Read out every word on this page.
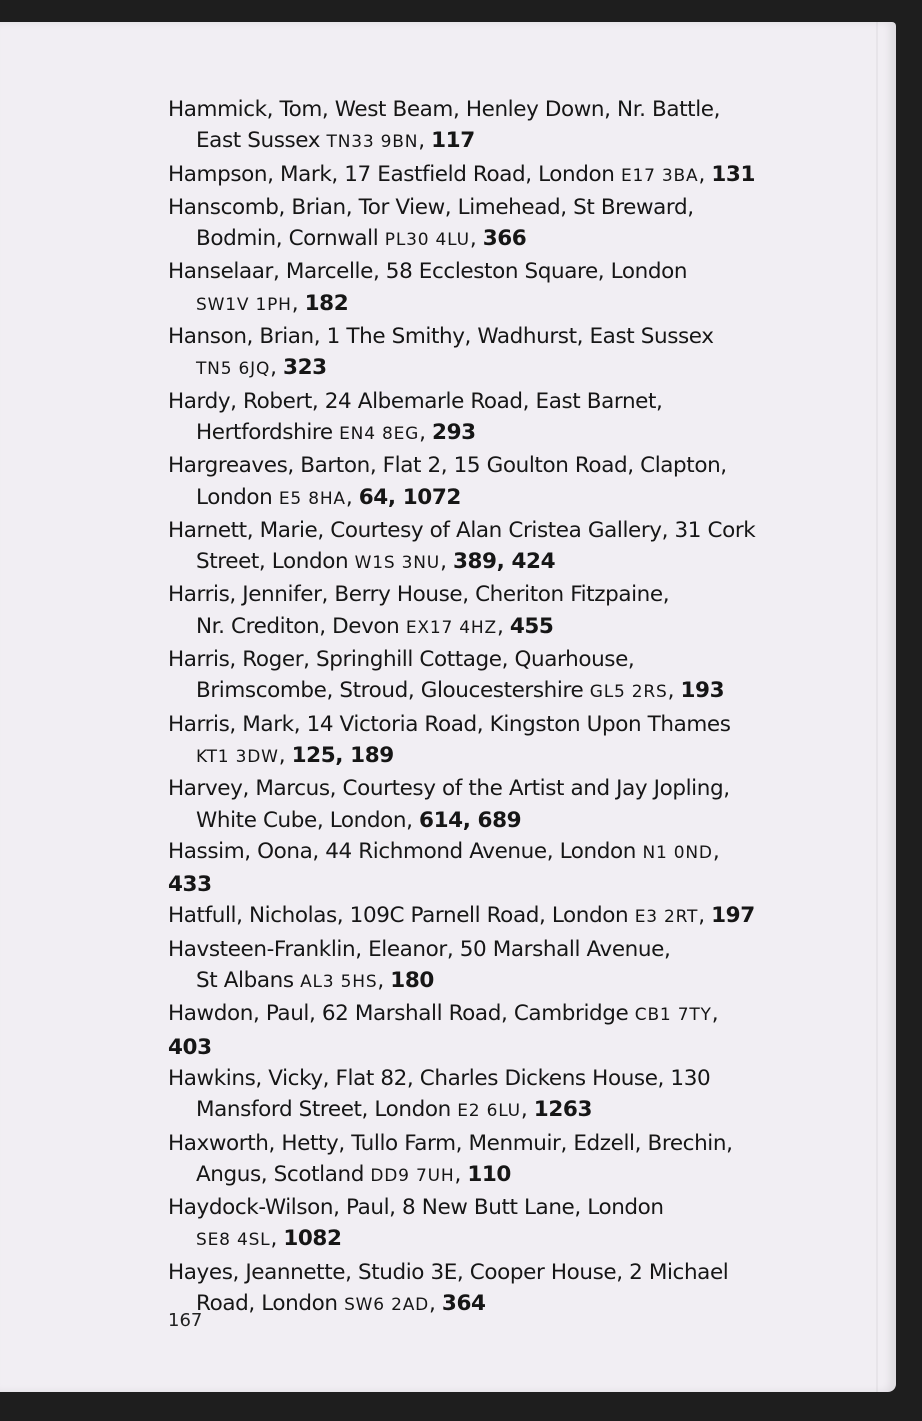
Hammick, Tom, West Beam, Henley Down, Nr. Battle,
East Sussex TN33 9BN, 117

Hampson, Mark, 17 Eastfield Road, London E17 3BA, 131

Hanscomb, Brian, Tor View, Limehead, St Breward,
Bodmin, Cornwall PL30 4LU, 366

Hanselaar, Marcelle, 58 Eccleston Square, London
SW1V 1PH, 182

Hanson, Brian, 1 The Smithy, Wadhurst, East Sussex
TN5 6JQ, 323

Hardy, Robert, 24 Albemarle Road, East Barnet,
Hertfordshire EN4 8EG, 293

Hargreaves, Barton, Flat 2, 15 Goulton Road, Clapton,
London E5 8HA, 64, 1072

Harnett, Marie, Courtesy of Alan Cristea Gallery, 31 Cork
Street, London W1S 3NU, 389, 424

Harris, Jennifer, Berry House, Cheriton Fitzpaine,
Nr. Crediton, Devon EX17 4HZ, 455

Harris, Roger, Springhill Cottage, Quarhouse,
Brimscombe, Stroud, Gloucestershire GL5 2RS, 193

Harris, Mark, 14 Victoria Road, Kingston Upon Thames
KT1 3DW, 125, 189

Harvey, Marcus, Courtesy of the Artist and Jay Jopling,
White Cube, London, 614, 689

Hassim, Oona, 44 Richmond Avenue, London N1 0ND,
433

Hatfull, Nicholas, 109C Parnell Road, London E3 2RT, 197

Havsteen-Franklin, Eleanor, 50 Marshall Avenue,
St Albans AL3 5HS, 180

Hawdon, Paul, 62 Marshall Road, Cambridge CB1 7TY,
403

Hawkins, Vicky, Flat 82, Charles Dickens House, 130
Mansford Street, London E2 6LU, 1263

Haxworth, Hetty, Tullo Farm, Menmuir, Edzell, Brechin,
Angus, Scotland DD9 7UH, 110

Haydock-Wilson, Paul, 8 New Butt Lane, London
SE8 4SL, 1082

Hayes, Jeannette, Studio 3E, Cooper House, 2 Michael
Road, London SW6 2AD, 364

167
